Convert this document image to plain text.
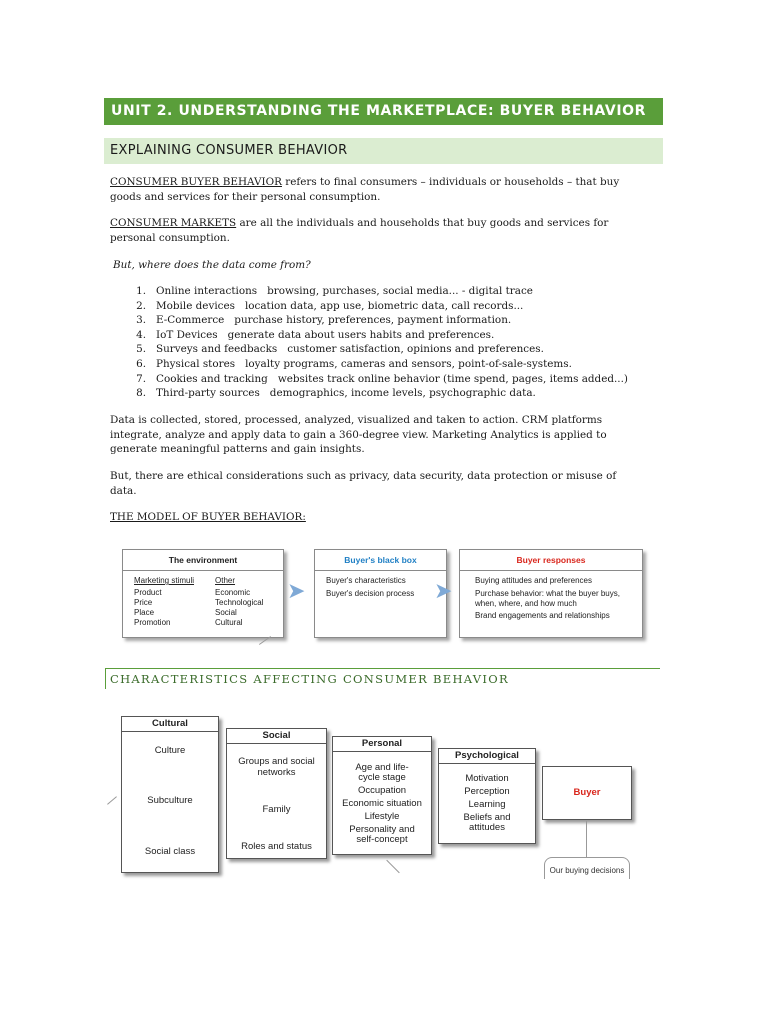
UNIT 2. UNDERSTANDING THE MARKETPLACE: BUYER BEHAVIOR
EXPLAINING CONSUMER BEHAVIOR
CONSUMER BUYER BEHAVIOR refers to final consumers – individuals or households – that buy
goods and services for their personal consumption.
CONSUMER MARKETS are all the individuals and households that buy goods and services for
personal consumption.
But, where does the data come from?
1. Online interactions browsing, purchases, social media... - digital trace
2. Mobile devices location data, app use, biometric data, call records...
3. E-Commerce purchase history, preferences, payment information.
4. IoT Devices generate data about users habits and preferences.
5. Surveys and feedbacks customer satisfaction, opinions and preferences.
6. Physical stores loyalty programs, cameras and sensors, point-of-sale-systems.
7. Cookies and tracking websites track online behavior (time spend, pages, items added...)
8. Third-party sources demographics, income levels, psychographic data.
Data is collected, stored, processed, analyzed, visualized and taken to action. CRM platforms
integrate, analyze and apply data to gain a 360-degree view. Marketing Analytics is applied to
generate meaningful patterns and gain insights.
But, there are ethical considerations such as privacy, data security, data protection or misuse of
data.
THE MODEL OF BUYER BEHAVIOR:
The environment
Marketing stimuli
Product
Price
Place
Promotion
Other
Economic
Technological
Social
Cultural
➤
Buyer's black box
Buyer's characteristics
Buyer's decision process ➤
Buyer responses
Buying attitudes and preferences
Purchase behavior: what the buyer buys,
when, where, and how much
Brand engagements and relationships
CHARACTERISTICS AFFECTING CONSUMER BEHAVIOR
Cultural
Culture
Subculture
Social class
Social
Groups and social
networks
Family
Roles and status
Personal
Age and life-
cycle stage
Occupation
Economic situation
Lifestyle
Personality and
self-concept
Psychological
Motivation
Perception
Learning
Beliefs and
attitudes
Buyer
Our buying decisions
